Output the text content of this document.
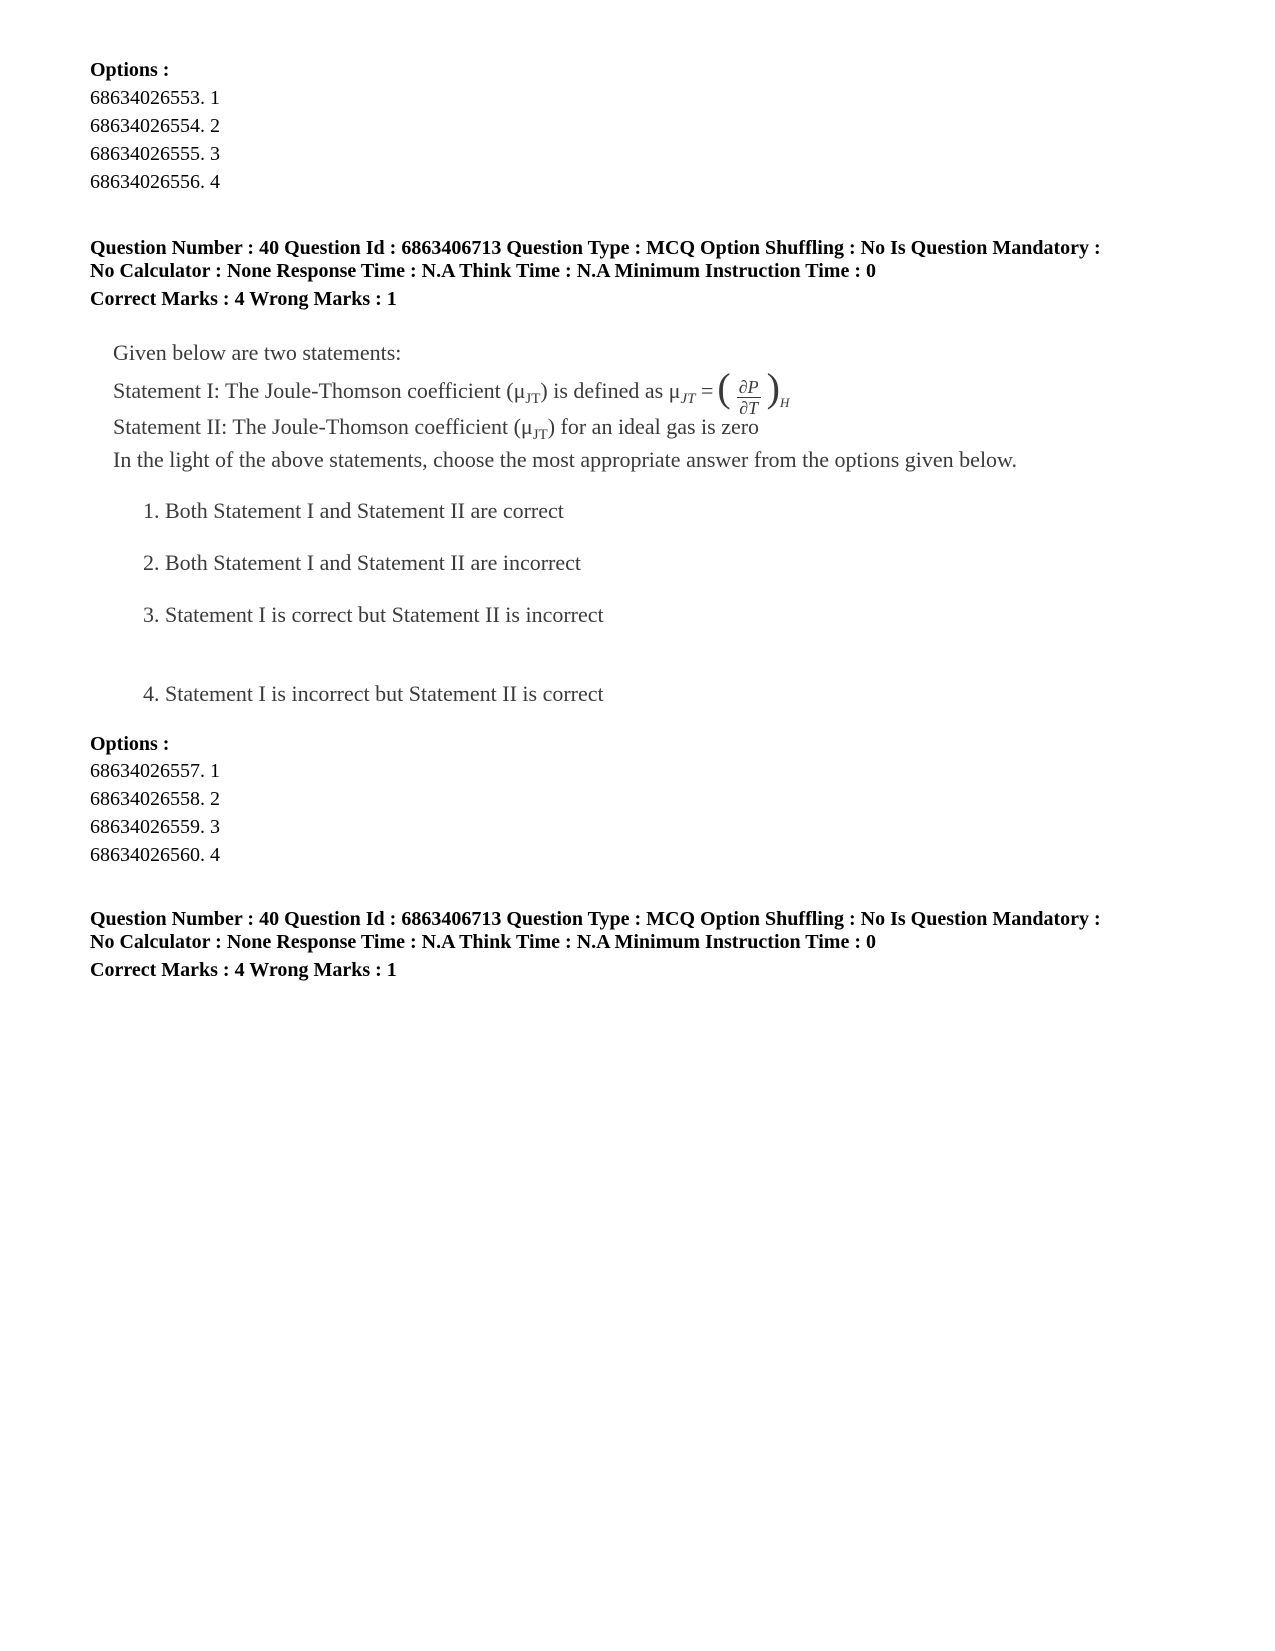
Options :
68634026553. 1
68634026554. 2
68634026555. 3
68634026556. 4
Question Number : 40 Question Id : 6863406713 Question Type : MCQ Option Shuffling : No Is Question Mandatory :
No Calculator : None Response Time : N.A Think Time : N.A Minimum Instruction Time : 0
Correct Marks : 4 Wrong Marks : 1
Given below are two statements:
Statement I: The Joule-Thomson coefficient $(\mu_{JT})$ is defined as $\mu_{JT}$ = ( $\frac{\partial P}{\partial T} )_H$
Statement II: The Joule-Thomson coefficient $(\mu_{JT})$ for an ideal gas is zero
In the light of the above statements, choose the most appropriate answer from the options given below.
1. Both Statement I and Statement II are correct
2. Both Statement I and Statement II are incorrect
3. Statement I is correct but Statement II is incorrect
4. Statement I is incorrect but Statement II is correct
Options :
68634026557. 1
68634026558. 2
68634026559. 3
68634026560. 4
Question Number : 40 Question Id : 6863406713 Question Type : MCQ Option Shuffling : No Is Question Mandatory :
No Calculator : None Response Time : N.A Think Time : N.A Minimum Instruction Time : 0
Correct Marks : 4 Wrong Marks : 1
